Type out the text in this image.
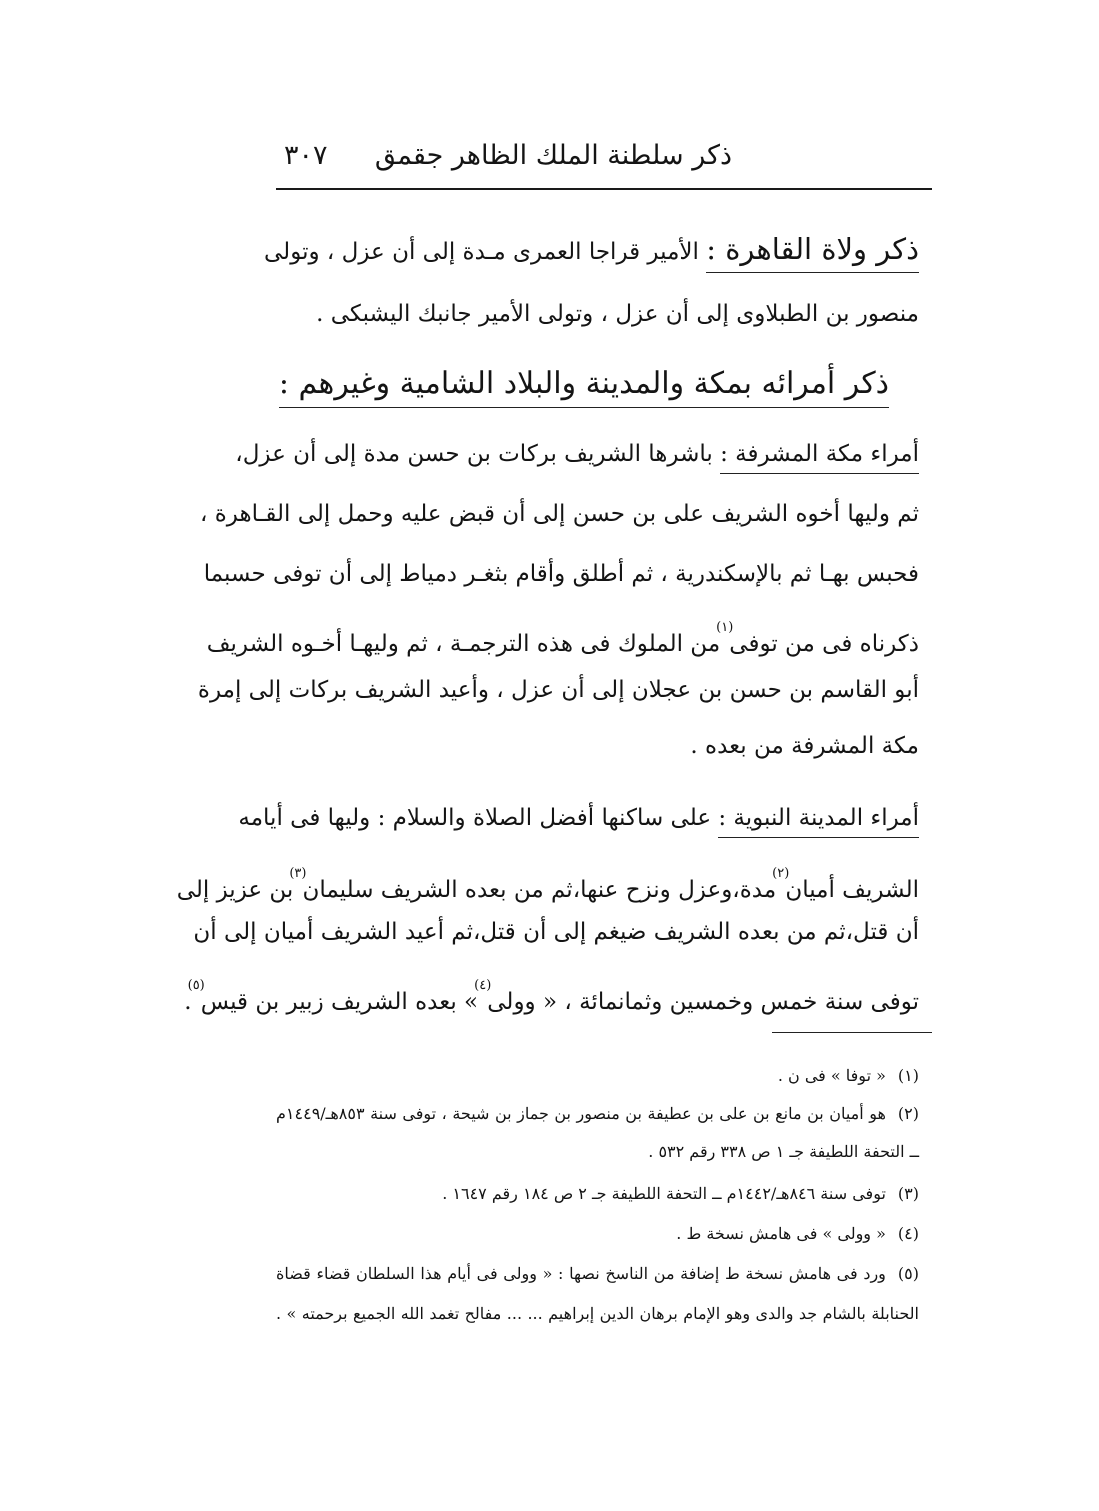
ذكر سلطنة الملك الظاهر جقمق
٣٠٧
ذكر ولاة القاهرة : الأمير قراجا العمرى مـدة إلى أن عزل ، وتولى
منصور بن الطبلاوى إلى أن عزل ، وتولى الأمير جانبك اليشبكى .
ذكر أمرائه بمكة والمدينة والبلاد الشامية وغيرهم :
أمراء مكة المشرفة : باشرها الشريف بركات بن حسن مدة إلى أن عزل،
ثم وليها أخوه الشريف على بن حسن إلى أن قبض عليه وحمل إلى القـاهرة ،
فحبس بهـا ثم بالإسكندرية ، ثم أطلق وأقام بثغـر دمياط إلى أن توفى حسبما
ذكرناه فى من توفى$^{(١)}$من الملوك فى هذه الترجمـة ، ثم وليهـا أخـوه الشريف
أبو القاسم بن حسن بن عجلان إلى أن عزل ، وأعيد الشريف بركات إلى إمرة
مكة المشرفة من بعده .
أمراء المدينة النبوية : على ساكنها أفضل الصلاة والسلام : وليها فى أيامه
الشريف أميان$^{(٢)}$مدة،وعزل ونزح عنها،ثم من بعده الشريف سليمان$^{(٣)}$بن عزيز إلى
أن قتل،ثم من بعده الشريف ضيغم إلى أن قتل،ثم أعيد الشريف أميان إلى أن
توفى سنة خمس وخمسين وثمانمائة ، « وولى$^{(٤)}$» بعده الشريف زبير بن قيس$^{(٥)}$.
(١)« توفا » فى ن .
(٢)هو أميان بن مانع بن على بن عطيفة بن منصور بن جماز بن شيحة ، توفى سنة ٨٥٣هـ/١٤٤٩م
ــ التحفة اللطيفة جـ ١ ص ٣٣٨ رقم ٥٣٢ .
(٣)توفى سنة ٨٤٦هـ/١٤٤٢م ــ التحفة اللطيفة جـ ٢ ص ١٨٤ رقم ١٦٤٧ .
(٤)« وولى » فى هامش نسخة ط .
(٥)ورد فى هامش نسخة ط إضافة من الناسخ نصها : « وولى فى أيام هذا السلطان قضاء قضاة
الحنابلة بالشام جد والدى وهو الإمام برهان الدين إبراهيم ... ... مفالح تغمد الله الجميع برحمته » .
